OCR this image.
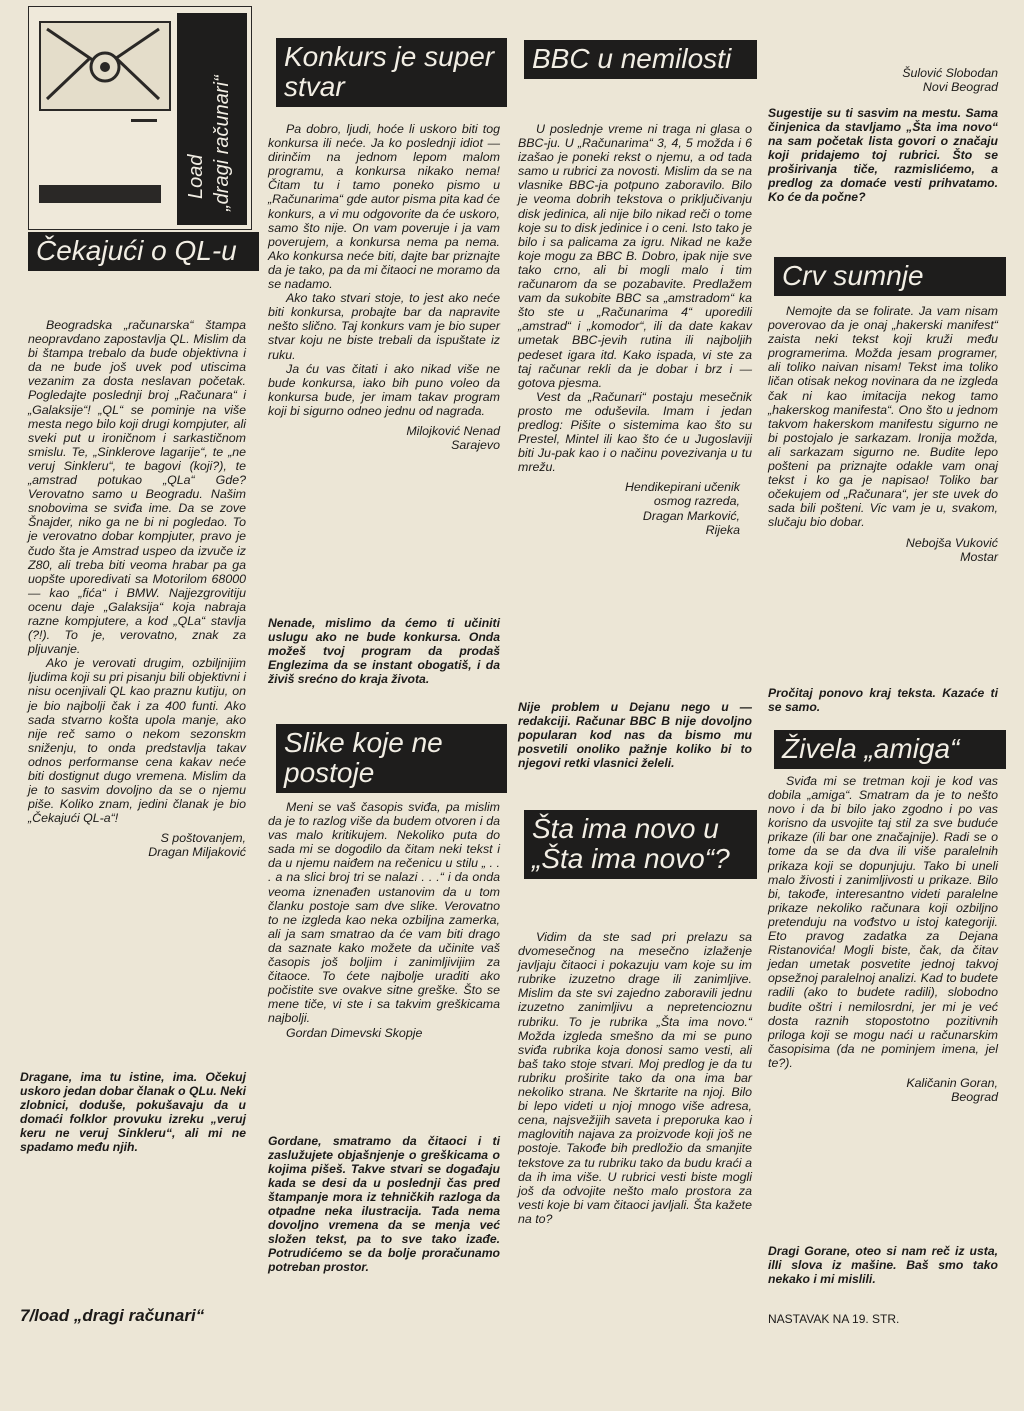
Load „dragi računari“
Čekajući o QL-u

Beogradska „računarska“ štampa neopravdano zapostavlja QL. Mislim da bi štampa trebalo da bude objektivna i da ne bude još uvek pod utiscima vezanim za dosta neslavan početak. Pogledajte poslednji broj „Računara“ i „Galaksije“! „QL“ se pominje na više mesta nego bilo koji drugi kompjuter, ali sveki put u ironičnom i sarkastičnom smislu. Te, „Sinklerove lagarije“, te „ne veruj Sinkleru“, te bagovi (koji?), te „amstrad potukao „QLa“ Gde? Verovatno samo u Beogradu. Našim snobovima se sviđa ime. Da se zove Šnajder, niko ga ne bi ni pogledao. To je verovatno dobar kompjuter, pravo je čudo šta je Amstrad uspeo da izvuče iz Z80, ali treba biti veoma hrabar pa ga uopšte uporedivati sa Motorilom 68000 — kao „fića“ i BMW. Najjezgrovitiju ocenu daje „Galaksija“ koja nabraja razne kompjutere, a kod „QLa“ stavlja (?!). To je, verovatno, znak za pljuvanje.

Ako je verovati drugim, ozbiljnijim ljudima koji su pri pisanju bili objektivni i nisu ocenjivali QL kao praznu kutiju, on je bio najbolji čak i za 400 funti. Ako sada stvarno košta upola manje, ako nije reč samo o nekom sezonskm sniženju, to onda predstavlja takav odnos performanse cena kakav neće biti dostignut dugo vremena. Mislim da je to sasvim dovoljno da se o njemu piše. Koliko znam, jedini članak je bio „Čekajući QL-a“!

S poštovanjem,
Dragan Miljaković
Dragane, ima tu istine, ima. Očekuj uskoro jedan dobar članak o QLu. Neki zlobnici, doduše, pokušavaju da u domaći folklor provuku izreku „veruj keru ne veruj Sinkleru“, ali mi ne spadamo među njih.
7/load „dragi računari“
Konkurs je super stvar

Pa dobro, ljudi, hoće li uskoro biti tog konkursa ili neće. Ja ko poslednji idiot — dirinčim na jednom lepom malom programu, a konkursa nikako nema! Čitam tu i tamo poneko pismo u „Računarima“ gde autor pisma pita kad će konkurs, a vi mu odgovorite da će uskoro, samo što nije. On vam poveruje i ja vam poverujem, a konkursa nema pa nema. Ako konkursa neće biti, dajte bar priznajte da je tako, pa da mi čitaoci ne moramo da se nadamo.

Ako tako stvari stoje, to jest ako neće biti konkursa, probajte bar da napravite nešto slično. Taj konkurs vam je bio super stvar koju ne biste trebali da ispuštate iz ruku.

Ja ću vas čitati i ako nikad više ne bude konkursa, iako bih puno voleo da konkursa bude, jer imam takav program koji bi sigurno odneo jednu od nagrada.

Milojković Nenad
Sarajevo
Nenade, mislimo da ćemo ti učiniti uslugu ako ne bude konkursa. Onda možeš tvoj program da prodaš Englezima da se instant obogatiš, i da živiš srećno do kraja života.
Slike koje ne postoje

Meni se vaš časopis sviđa, pa mislim da je to razlog više da budem otvoren i da vas malo kritikujem. Nekoliko puta do sada mi se dogodilo da čitam neki tekst i da u njemu naiđem na rečenicu u stilu „ . . . a na slici broj tri se nalazi . . .“ i da onda veoma iznenađen ustanovim da u tom članku postoje sam dve slike. Verovatno to ne izgleda kao neka ozbiljna zamerka, ali ja sam smatrao da će vam biti drago da saznate kako možete da učinite vaš časopis još boljim i zanimljivijim za čitaoce. To ćete najbolje uraditi ako počistite sve ovakve sitne greške. Što se mene tiče, vi ste i sa takvim greškicama najbolji.

Gordan Dimevski Skopje
Gordane, smatramo da čitaoci i ti zaslužujete objašnjenje o greškicama o kojima pišeš. Takve stvari se događaju kada se desi da u poslednji čas pred štampanje mora iz tehničkih razloga da otpadne neka ilustracija. Tada nema dovoljno vremena da se menja već složen tekst, pa to sve tako izađe. Potrudićemo se da bolje proračunamo potreban prostor.
BBC u nemilosti

U poslednje vreme ni traga ni glasa o BBC-ju. U „Računarima“ 3, 4, 5 možda i 6 izašao je poneki rekst o njemu, a od tada samo u rubrici za novosti. Mislim da se na vlasnike BBC-ja potpuno zaboravilo. Bilo je veoma dobrih tekstova o priključivanju disk jedinica, ali nije bilo nikad reči o tome koje su to disk jedinice i o ceni. Isto tako je bilo i sa palicama za igru. Nikad ne kaže koje mogu za BBC B. Dobro, ipak nije sve tako crno, ali bi mogli malo i tim računarom da se pozabavite. Predlažem vam da sukobite BBC sa „amstradom“ ka što ste u „Računarima 4“ uporedili „amstrad“ i „komodor“, ili da date kakav umetak BBC-jevih rutina ili najboljih pedeset igara itd. Kako ispada, vi ste za taj računar rekli da je dobar i brz i — gotova pjesma.

Vest da „Računari“ postaju mesečnik prosto me oduševila. Imam i jedan predlog: Pišite o sistemima kao što su Prestel, Mintel ili kao što će u Jugoslaviji biti Ju-pak kao i o načinu povezivanja u tu mrežu.

Hendikepirani učenik
osmog razreda,
Dragan Marković,
Rijeka
Nije problem u Dejanu nego u — redakciji. Računar BBC B nije dovoljno popularan kod nas da bismo mu posvetili onoliko pažnje koliko bi to njegovi retki vlasnici želeli.
Šta ima novo u „Šta ima novo“?

Vidim da ste sad pri prelazu sa dvomesečnog na mesečno izlaženje javljaju čitaoci i pokazuju vam koje su im rubrike izuzetno drage ili zanimljive. Mislim da ste svi zajedno zaboravili jednu izuzetno zanimljivu a nepretencioznu rubriku. To je rubrika „Šta ima novo.“ Možda izgleda smešno da mi se puno sviđa rubrika koja donosi samo vesti, ali baš tako stoje stvari. Moj predlog je da tu rubriku proširite tako da ona ima bar nekoliko strana. Ne škrtarite na njoj. Bilo bi lepo videti u njoj mnogo više adresa, cena, najsvežijih saveta i preporuka kao i maglovitih najava za proizvode koji još ne postoje. Takođe bih predložio da smanjite tekstove za tu rubriku tako da budu kraći a da ih ima više. U rubrici vesti biste mogli još da odvojite nešto malo prostora za vesti koje bi vam čitaoci javljali. Šta kažete na to?

Šulović Slobodan
Novi Beograd
Sugestije su ti sasvim na mestu. Sama činjenica da stavljamo „Šta ima novo“ na sam početak lista govori o značaju koji pridajemo toj rubrici. Što se proširivanja tiče, razmislićemo, a predlog za domaće vesti prihvatamo. Ko će da počne?
Crv sumnje

Nemojte da se folirate. Ja vam nisam poverovao da je onaj „hakerski manifest“ zaista neki tekst koji kruži među programerima. Možda jesam programer, ali toliko naivan nisam! Tekst ima toliko ličan otisak nekog novinara da ne izgleda čak ni kao imitacija nekog tamo „hakerskog manifesta“. Ono što u jednom takvom hakerskom manifestu sigurno ne bi postojalo je sarkazam. Ironija možda, ali sarkazam sigurno ne. Budite lepo pošteni pa priznajte odakle vam onaj tekst i ko ga je napisao! Toliko bar očekujem od „Računara“, jer ste uvek do sada bili pošteni. Vic vam je u, svakom, slučaju bio dobar.

Nebojša Vuković
Mostar
Pročitaj ponovo kraj teksta. Kazaće ti se samo.
Živela „amiga“

Sviđa mi se tretman koji je kod vas dobila „amiga“. Smatram da je to nešto novo i da bi bilo jako zgodno i po vas korisno da usvojite taj stil za sve buduće prikaze (ili bar one značajnije). Radi se o tome da se da dva ili više paralelnih prikaza koji se dopunjuju. Tako bi uneli malo živosti i zanimljivosti u prikaze. Bilo bi, takođe, interesantno videti paralelne prikaze nekoliko računara koji ozbiljno pretenduju na vođstvo u istoj kategoriji. Eto pravog zadatka za Dejana Ristanovića! Mogli biste, čak, da čitav jedan umetak posvetite jednoj takvoj opsežnoj paralelnoj analizi. Kad to budete radili (ako to budete radili), slobodno budite oštri i nemilosrdni, jer mi je već dosta raznih stopostotno pozitivnih priloga koji se mogu naći u računarskim časopisima (da ne pominjem imena, jel te?).

Kaličanin Goran,
Beograd
Dragi Gorane, oteo si nam reč iz usta, ilIi slova iz mašine. Baš smo tako nekako i mi mislili.
NASTAVAK NA 19. STR.
